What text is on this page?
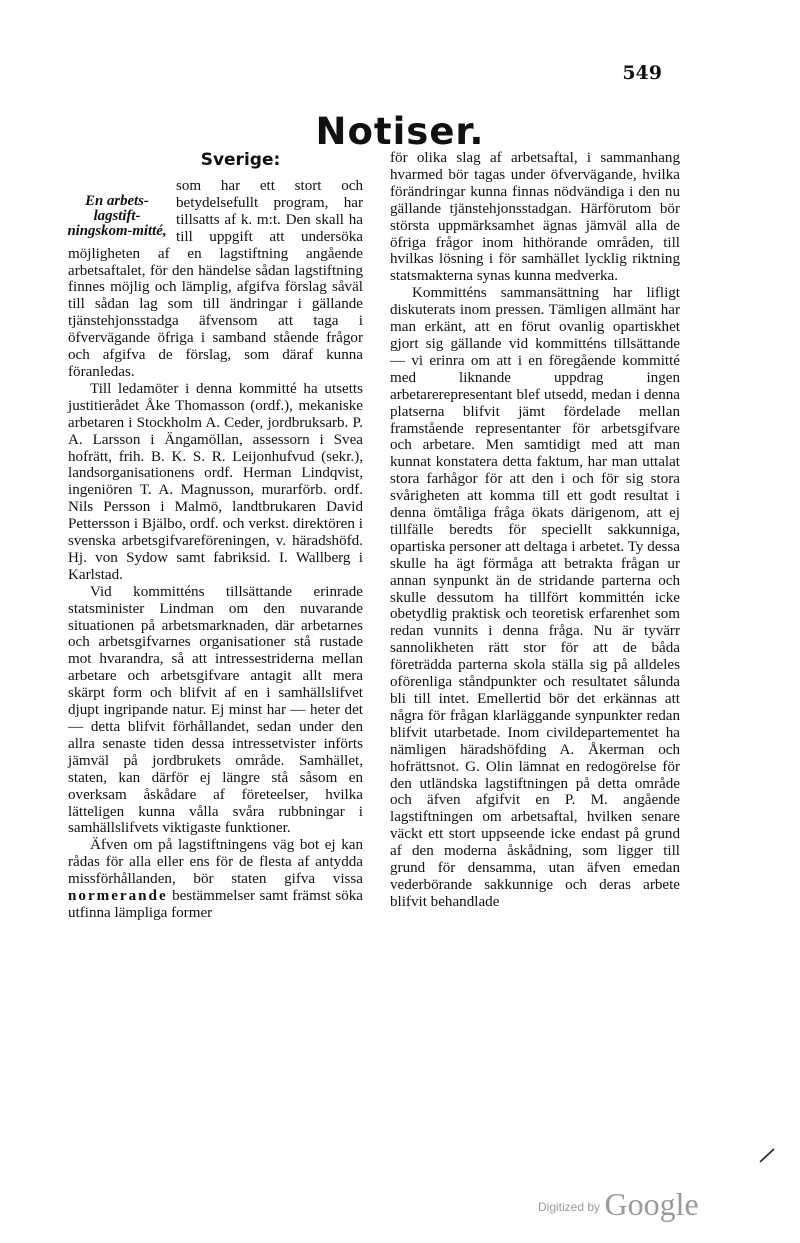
549
Notiser.
Sverige:
En arbets-lagstift-ningskom-mitté,

som har ett stort och betydelsefullt program, har tillsatts af k. m:t. Den skall ha till uppgift att undersöka möjligheten af en lagstiftning angående arbetsaftalet, för den händelse sådan lagstiftning finnes möjlig och lämplig, afgifva förslag såväl till sådan lag som till ändringar i gällande tjänstehjonsstadga äfvensom att taga i öfvervägande öfriga i samband stående frågor och afgifva de förslag, som däraf kunna föranledas.

Till ledamöter i denna kommitté ha utsetts justitierådet Åke Thomasson (ordf.), mekaniske arbetaren i Stockholm A. Ceder, jordbruksarb. P. A. Larsson i Ängamöllan, assessorn i Svea hofrätt, frih. B. K. S. R. Leijonhufvud (sekr.), landsorganisationens ordf. Herman Lindqvist, ingeniören T. A. Magnusson, murarförb. ordf. Nils Persson i Malmö, landtbrukaren David Pettersson i Bjälbo, ordf. och verkst. direktören i svenska arbetsgifvareföreningen, v. häradshöfd. Hj. von Sydow samt fabriksid. I. Wallberg i Karlstad.

Vid kommitténs tillsättande erinrade statsminister Lindman om den nuvarande situationen på arbetsmarknaden, där arbetarnes och arbetsgifvarnes organisationer stå rustade mot hvarandra, så att intressestriderna mellan arbetare och arbetsgifvare antagit allt mera skärpt form och blifvit af en i samhällslifvet djupt ingripande natur. Ej minst har — heter det — detta blifvit förhållandet, sedan under den allra senaste tiden dessa intressetvister införts jämväl på jordbrukets område. Samhället, staten, kan därför ej längre stå såsom en overksam åskådare af företeelser, hvilka lätteligen kunna vålla svåra rubbningar i samhällslifvets viktigaste funktioner.

Äfven om på lagstiftningens väg bot ej kan rådas för alla eller ens för de flesta af antydda missförhållanden, bör staten gifva vissa normerande bestämmelser samt främst söka utfinna lämpliga former

för olika slag af arbetsaftal, i sammanhang hvarmed bör tagas under öfvervägande, hvilka förändringar kunna finnas nödvändiga i den nu gällande tjänstehjonsstadgan. Härförutom bör största uppmärksamhet ägnas jämväl alla de öfriga frågor inom hithörande områden, till hvilkas lösning i för samhället lycklig riktning statsmakterna synas kunna medverka.

Kommitténs sammansättning har lifligt diskuterats inom pressen. Tämligen allmänt har man erkänt, att en förut ovanlig opartiskhet gjort sig gällande vid kommitténs tillsättande — vi erinra om att i en föregående kommitté med liknande uppdrag ingen arbetarerepresentant blef utsedd, medan i denna platserna blifvit jämt fördelade mellan framstående representanter för arbetsgifvare och arbetare. Men samtidigt med att man kunnat konstatera detta faktum, har man uttalat stora farhågor för att den i och för sig stora svårigheten att komma till ett godt resultat i denna ömtåliga fråga ökats därigenom, att ej tillfälle beredts för speciellt sakkunniga, opartiska personer att deltaga i arbetet. Ty dessa skulle ha ägt förmåga att betrakta frågan ur annan synpunkt än de stridande parterna och skulle dessutom ha tillfört kommittén icke obetydlig praktisk och teoretisk erfarenhet som redan vunnits i denna fråga. Nu är tyvärr sannolikheten rätt stor för att de båda företrädda parterna skola ställa sig på alldeles oförenliga ståndpunkter och resultatet sålunda bli till intet. Emellertid bör det erkännas att några för frågan klarläggande synpunkter redan blifvit utarbetade. Inom civildepartementet ha nämligen häradshöfding A. Åkerman och hofrättsnot. G. Olin lämnat en redogörelse för den utländska lagstiftningen på detta område och äfven afgifvit en P. M. angående lagstiftningen om arbetsaftal, hvilken senare väckt ett stort uppseende icke endast på grund af den moderna åskådning, som ligger till grund för densamma, utan äfven emedan vederbörande sakkunnige och deras arbete blifvit behandlade

$^{Digitized by}$ Google
